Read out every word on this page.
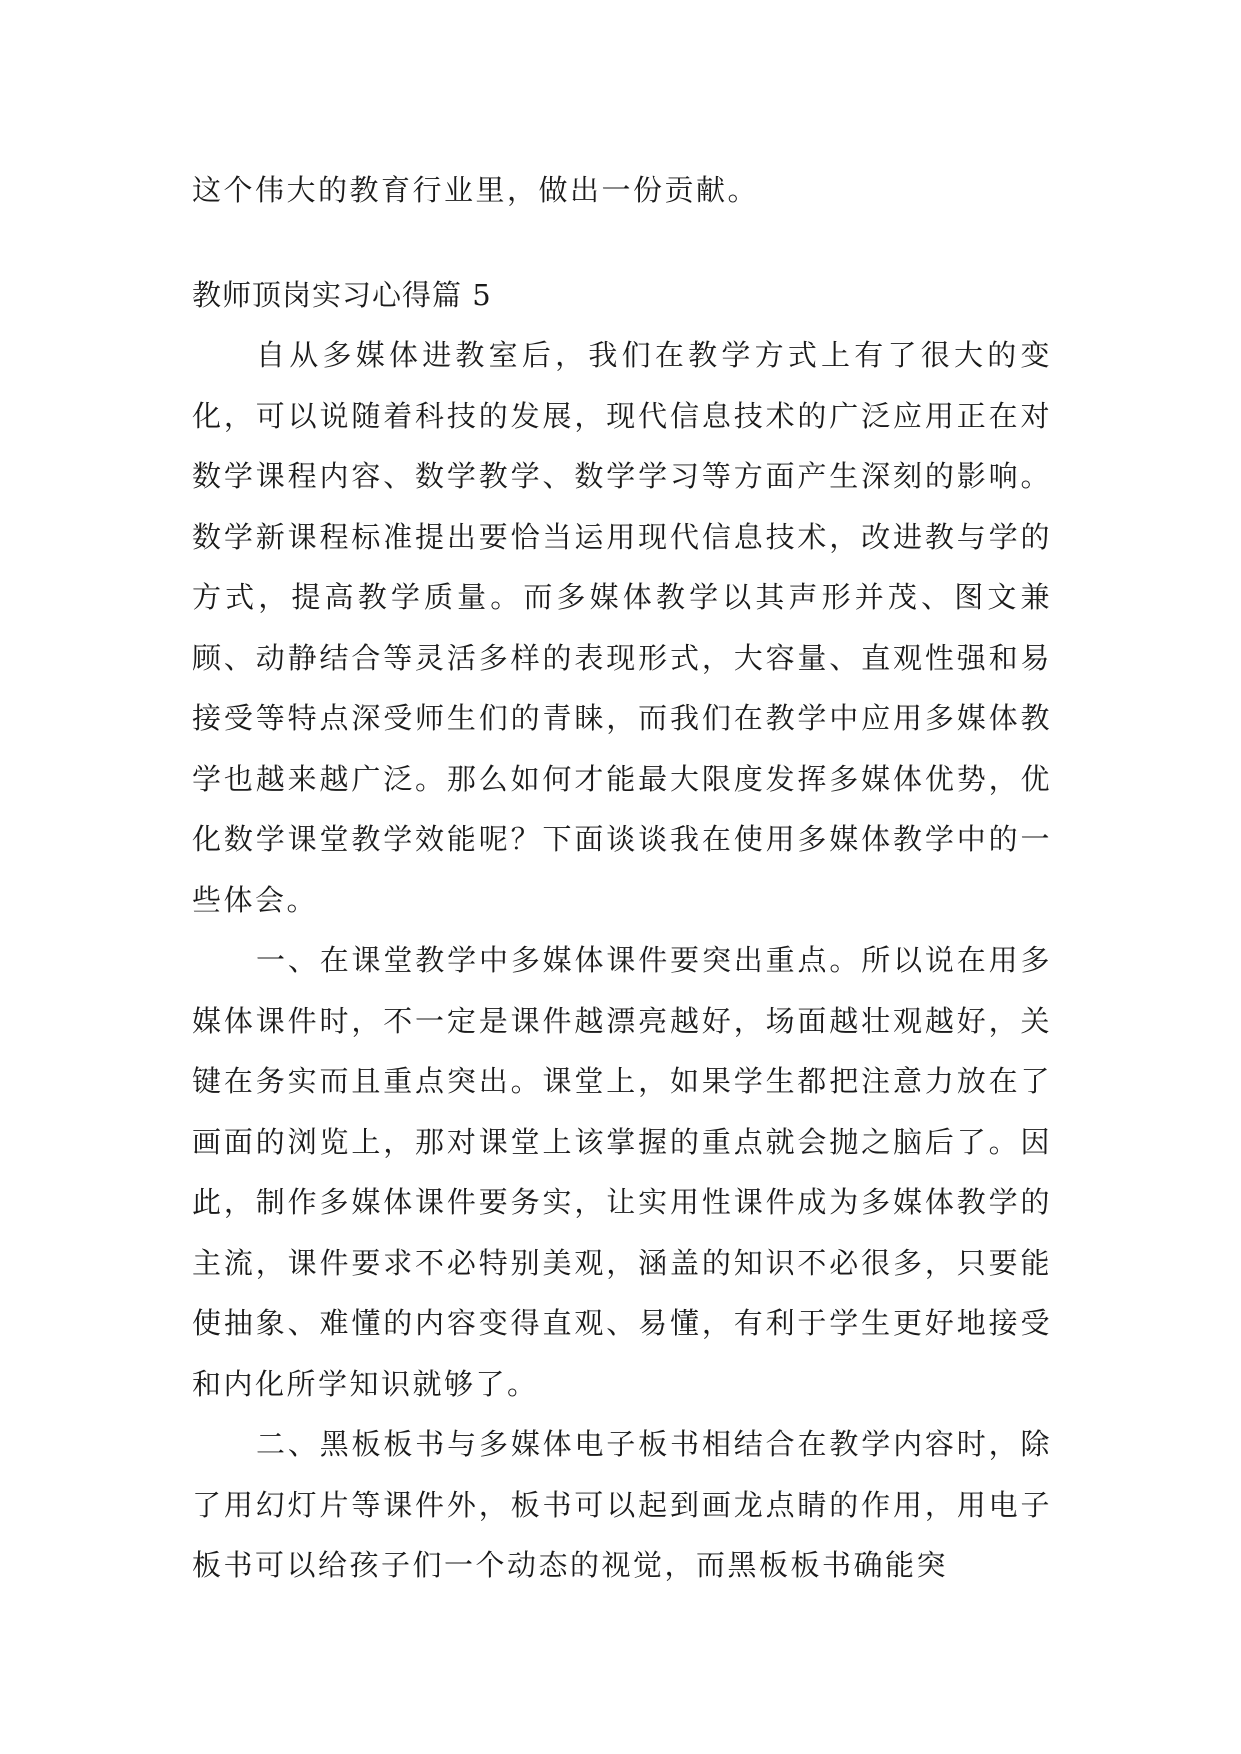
这个伟大的教育行业里，做出一份贡献。

教师顶岗实习心得篇 5

自从多媒体进教室后，我们在教学方式上有了很大的变化，可以说随着科技的发展，现代信息技术的广泛应用正在对数学课程内容、数学教学、数学学习等方面产生深刻的影响。数学新课程标准提出要恰当运用现代信息技术，改进教与学的方式，提高教学质量。而多媒体教学以其声形并茂、图文兼顾、动静结合等灵活多样的表现形式，大容量、直观性强和易接受等特点深受师生们的青睐，而我们在教学中应用多媒体教学也越来越广泛。那么如何才能最大限度发挥多媒体优势，优化数学课堂教学效能呢？下面谈谈我在使用多媒体教学中的一些体会。

一、在课堂教学中多媒体课件要突出重点。所以说在用多媒体课件时，不一定是课件越漂亮越好，场面越壮观越好，关键在务实而且重点突出。课堂上，如果学生都把注意力放在了画面的浏览上，那对课堂上该掌握的重点就会抛之脑后了。因此，制作多媒体课件要务实，让实用性课件成为多媒体教学的主流，课件要求不必特别美观，涵盖的知识不必很多，只要能使抽象、难懂的内容变得直观、易懂，有利于学生更好地接受和内化所学知识就够了。

二、黑板板书与多媒体电子板书相结合在教学内容时，除了用幻灯片等课件外，板书可以起到画龙点睛的作用，用电子板书可以给孩子们一个动态的视觉，而黑板板书确能突
